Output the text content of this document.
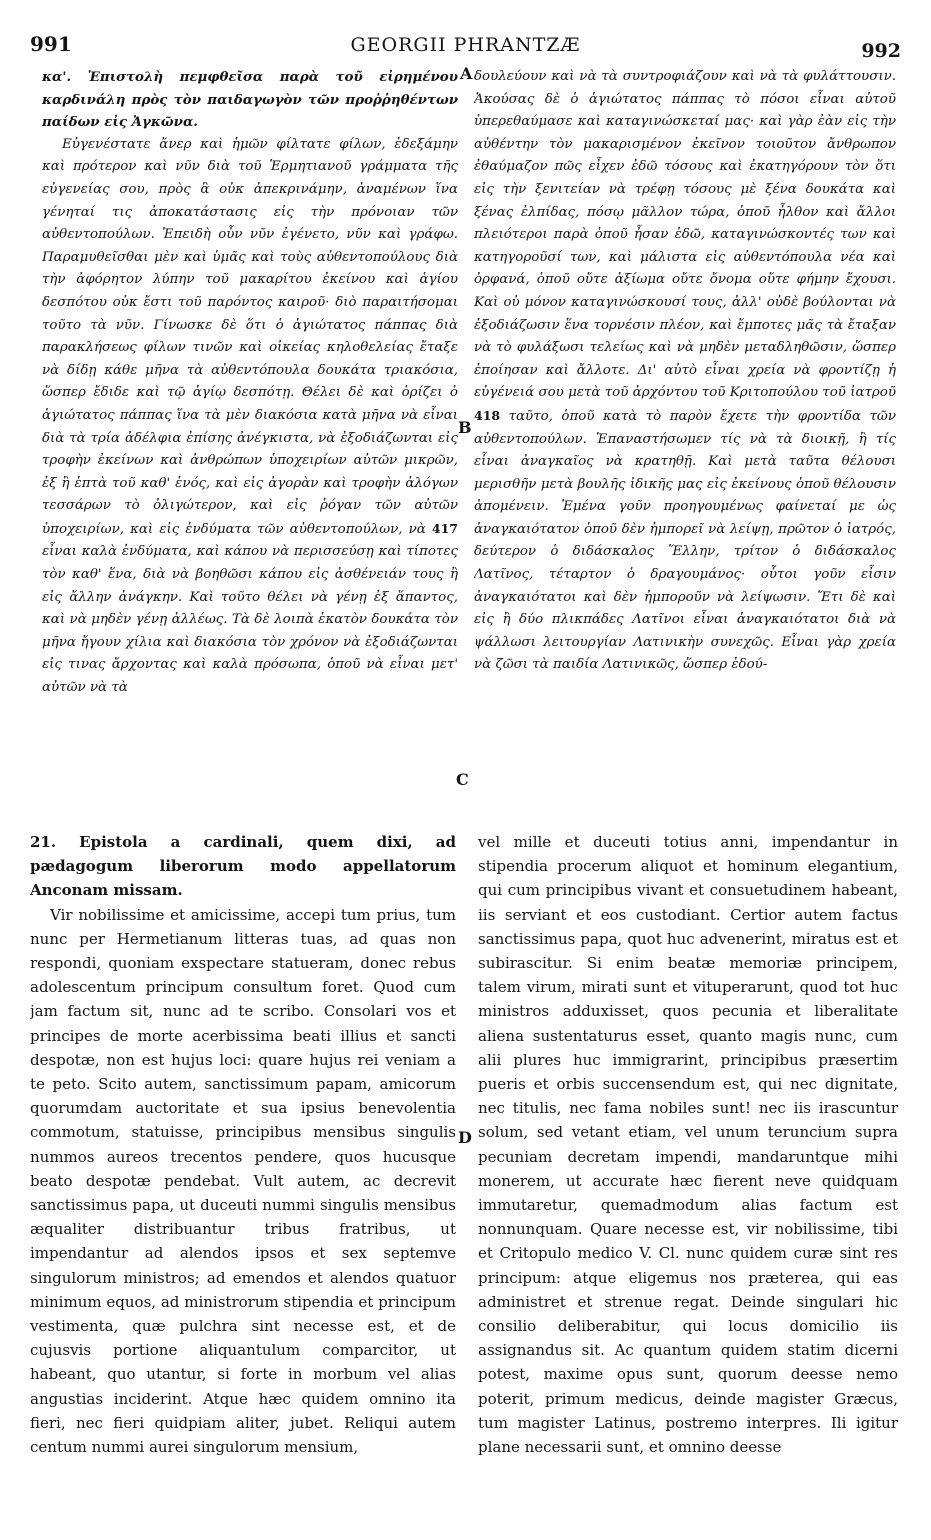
991	GEORGII PHRANTZÆ	992

κα'. Ἐπιστολὴ πεμφθεῖσα παρὰ τοῦ εἰρημένου καρδινάλη πρὸς τὸν παιδαγωγὸν τῶν προῤῥηθέντων παίδων εἰς Ἀγκῶνα.

Εὐγενέστατε ἄνερ καὶ ἡμῶν φίλτατε φίλων, ἐδεξάμην καὶ πρότερον καὶ νῦν διὰ τοῦ Ἑρμητιανοῦ γράμματα τῆς εὐγενείας σου, πρὸς ἃ οὐκ ἀπεκρινάμην, ἀναμένων ἵνα γένηταί τις ἀποκατάστασις εἰς τὴν πρόνοιαν τῶν αὐθεντοπούλων. Ἐπειδὴ οὖν νῦν ἐγένετο, νῦν καὶ γράφω. Παραμυθεῖσθαι μὲν καὶ ὑμᾶς καὶ τοὺς αὐθεντοπούλους διὰ τὴν ἀφόρητον λύπην τοῦ μακαρίτου ἐκείνου καὶ ἁγίου δεσπότου οὐκ ἔστι τοῦ παρόντος καιροῦ· διὸ παραιτήσομαι τοῦτο τὰ νῦν. Γίνωσκε δὲ ὅτι ὁ ἁγιώτατος πάππας διὰ παρακλήσεως φίλων τινῶν καὶ οἰκείας κηλοθελείας ἔταξε νὰ δίδῃ κάθε μῆνα τὰ αὐθεντόπουλα δουκάτα τριακόσια, ὥσπερ ἔδιδε καὶ τῷ ἁγίῳ δεσπότῃ. Θέλει δὲ καὶ ὁρίζει ὁ ἁγιώτατος πάππας ἵνα τὰ μὲν διακόσια κατὰ μῆνα νὰ εἶναι διὰ τὰ τρία ἀδέλφια ἐπίσης ἀνέγκιστα, νὰ ἐξοδιάζωνται εἰς τροφὴν ἐκείνων καὶ ἀνθρώπων ὑποχειρίων αὐτῶν μικρῶν, ἐξ ἢ ἑπτὰ τοῦ καθ' ἑνός, καὶ εἰς ἀγορὰν καὶ τροφὴν ἀλόγων τεσσάρων τὸ ὀλιγώτερον, καὶ εἰς ῥόγαν τῶν αὐτῶν ὑποχειρίων, καὶ εἰς ἐνδύματα τῶν αὐθεντοπούλων, νὰ 417 εἶναι καλὰ ἐνδύματα, καὶ κάπου νὰ περισσεύσῃ καὶ τίποτες τὸν καθ' ἕνα, διὰ νὰ βοηθῶσι κάπου εἰς ἀσθένειάν τους ἢ εἰς ἄλλην ἀνάγκην. Καὶ τοῦτο θέλει νὰ γένῃ ἐξ ἅπαντος, καὶ νὰ μηδὲν γένῃ ἀλλέως. Τὰ δὲ λοιπὰ ἑκατὸν δουκάτα τὸν μῆνα ἤγουν χίλια καὶ διακόσια τὸν χρόνον νὰ ἐξοδιάζωνται εἰς τινας ἄρχοντας καὶ καλὰ πρόσωπα, ὁποῦ νὰ εἶναι μετ' αὐτῶν νὰ τὰ

δουλεύουν καὶ νὰ τὰ συντροφιάζουν καὶ νὰ τὰ φυλάττουσιν. Ἀκούσας δὲ ὁ ἁγιώτατος πάππας τὸ πόσοι εἶναι αὐτοῦ ὑπερεθαύμασε καὶ καταγινώσκεταί μας· καὶ γὰρ ἐὰν εἰς τὴν αὐθέντην τὸν μακαρισμένον ἐκεῖνον τοιοῦτον ἄνθρωπον ἐθαύμαζον πῶς εἶχεν ἐδῶ τόσους καὶ ἐκατηγόρουν τὸν ὅτι εἰς τὴν ξενιτείαν νὰ τρέφῃ τόσους μὲ ξένα δουκάτα καὶ ξένας ἐλπίδας, πόσῳ μᾶλλον τώρα, ὁποῦ ἦλθον καὶ ἄλλοι πλειότεροι παρὰ ὁποῦ ἦσαν ἐδῶ, καταγινώσκοντές των καὶ κατηγοροῦσί των, καὶ μάλιστα εἰς αὐθεντόπουλα νέα καὶ ὀρφανά, ὁποῦ οὔτε ἀξίωμα οὔτε ὄνομα οὔτε φήμην ἔχουσι. Καὶ οὐ μόνον καταγινώσκουσί τους, ἀλλ' οὐδὲ βούλονται νὰ ἐξοδιάζωσιν ἕνα τορνέσιν πλέον, καὶ ἔμποτες μᾶς τὰ ἔταξαν νὰ τὸ φυλάξωσι τελείως καὶ νὰ μηδὲν μεταδληθῶσιν, ὥσπερ ἐποίησαν καὶ ἄλλοτε. Δι' αὐτὸ εἶναι χρεία νὰ φροντίζῃ ἡ εὐγένειά σου μετὰ τοῦ ἀρχόντου τοῦ Κριτοπούλου τοῦ ἰατροῦ 418 ταῦτο, ὁποῦ κατὰ τὸ παρὸν ἔχετε τὴν φροντίδα τῶν αὐθεντοπούλων. Ἐπαναστήσωμεν τίς νὰ τὰ διοικῇ, ἢ τίς εἶναι ἀναγκαῖος νὰ κρατηθῇ. Καὶ μετὰ ταῦτα θέλουσι μερισθῆν μετὰ βουλῆς ἰδικῆς μας εἰς ἐκείνους ὁποῦ θέλουσιν ἀπομένειν. Ἐμένα γοῦν προηγουμένως φαίνεταί με ὡς ἀναγκαιότατον ὁποῦ δὲν ἠμπορεῖ νὰ λείψῃ, πρῶτον ὁ ἰατρός, δεύτερον ὁ διδάσκαλος Ἕλλην, τρίτον ὁ διδάσκαλος Λατῖνος, τέταρτον ὁ δραγουμάνος· οὗτοι γοῦν εἶσιν ἀναγκαιότατοι καὶ δὲν ἠμποροῦν νὰ λείψωσιν. Ἔτι δὲ καὶ εἰς ἢ δύο πλικπάδες Λατῖνοι εἶναι ἀναγκαιότατοι διὰ νὰ ψάλλωσι λειτουργίαν Λατινικὴν συνεχῶς. Εἶναι γὰρ χρεία νὰ ζῶσι τὰ παιδία Λατινικῶς, ὥσπερ ἐδού-

A
B
C
D

21. Epistola a cardinali, quem dixi, ad pædagogum liberorum modo appellatorum Anconam missam.

Vir nobilissime et amicissime, accepi tum prius, tum nunc per Hermetianum litteras tuas, ad quas non respondi, quoniam exspectare statueram, donec rebus adolescentum principum consultum foret. Quod cum jam factum sit, nunc ad te scribo. Consolari vos et principes de morte acerbissima beati illius et sancti despotæ, non est hujus loci: quare hujus rei veniam a te peto. Scito autem, sanctissimum papam, amicorum quorumdam auctoritate et sua ipsius benevolentia commotum, statuisse, principibus mensibus singulis nummos aureos trecentos pendere, quos hucusque beato despotæ pendebat. Vult autem, ac decrevit sanctissimus papa, ut duceuti nummi singulis mensibus æqualiter distribuantur tribus fratribus, ut impendantur ad alendos ipsos et sex septemve singulorum ministros; ad emendos et alendos quatuor minimum equos, ad ministrorum stipendia et principum vestimenta, quæ pulchra sint necesse est, et de cujusvis portione aliquantulum comparcitor, ut habeant, quo utantur, si forte in morbum vel alias angustias inciderint. Atque hæc quidem omnino ita fieri, nec fieri quidpiam aliter, jubet. Reliqui autem centum nummi aurei singulorum mensium,

vel mille et duceuti totius anni, impendantur in stipendia procerum aliquot et hominum elegantium, qui cum principibus vivant et consuetudinem habeant, iis serviant et eos custodiant. Certior autem factus sanctissimus papa, quot huc advenerint, miratus est et subirascitur. Si enim beatæ memoriæ principem, talem virum, mirati sunt et vituperarunt, quod tot huc ministros adduxisset, quos pecunia et liberalitate aliena sustentaturus esset, quanto magis nunc, cum alii plures huc immigrarint, principibus præsertim pueris et orbis succensendum est, qui nec dignitate, nec titulis, nec fama nobiles sunt! nec iis irascuntur solum, sed vetant etiam, vel unum teruncium supra pecuniam decretam impendi, mandaruntque mihi monerem, ut accurate hæc fierent neve quidquam immutaretur, quemadmodum alias factum est nonnunquam. Quare necesse est, vir nobilissime, tibi et Critopulo medico V. Cl. nunc quidem curæ sint res principum: atque eligemus nos præterea, qui eas administret et strenue regat. Deinde singulari hic consilio deliberabitur, qui locus domicilio iis assignandus sit. Ac quantum quidem statim dicerni potest, maxime opus sunt, quorum deesse nemo poterit, primum medicus, deinde magister Græcus, tum magister Latinus, postremo interpres. Ili igitur plane necessarii sunt, et omnino deesse
